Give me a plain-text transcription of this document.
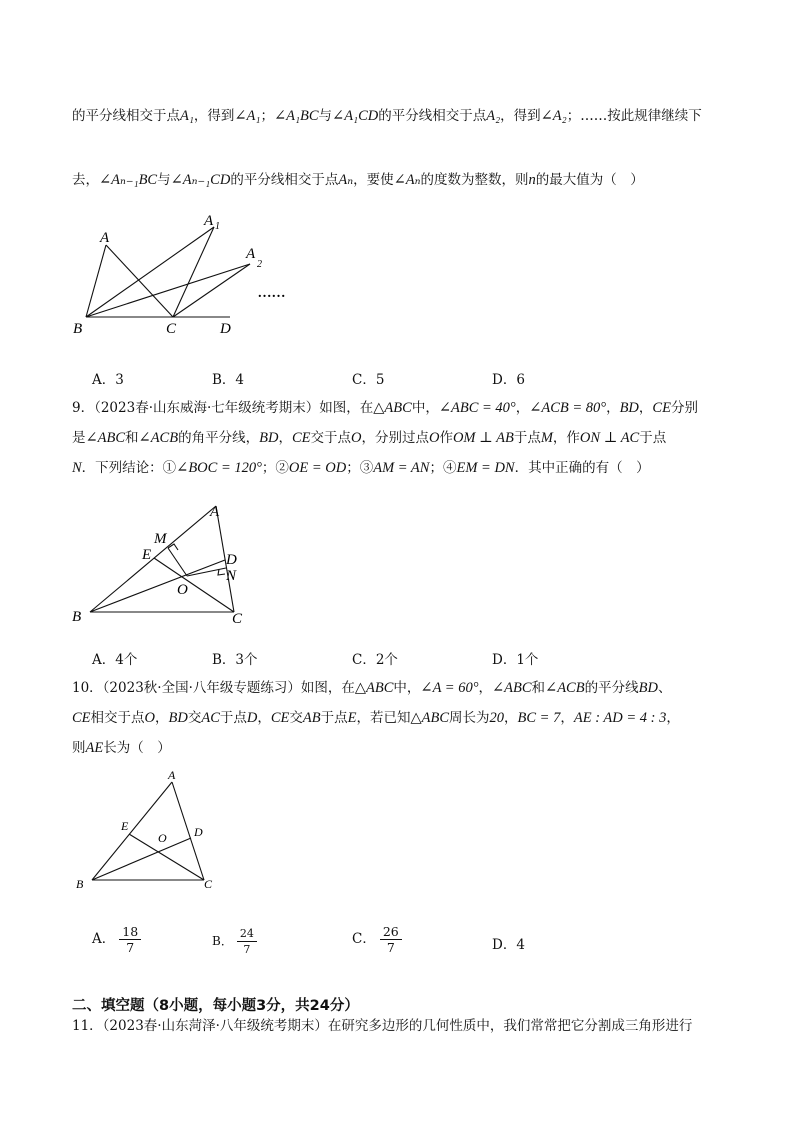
的平分线相交于点A₁，得到∠A₁；∠A₁BC与∠A₁CD的平分线相交于点A₂，得到∠A₂；……按此规律继续下
去，∠Aₙ₋₁BC与∠Aₙ₋₁CD的平分线相交于点Aₙ，要使∠Aₙ的度数为整数，则n的最大值为（　）
A
A 1
A
2
B	C	D
……
A．3	B．4	C．5	D．6
9．（2023春·山东威海·七年级统考期末）如图，在△ABC中，∠ABC = 40°，∠ACB = 80°，BD，CE分别
是∠ABC和∠ACB的角平分线，BD，CE交于点O，分别过点O作OM ⊥ AB于点M，作ON ⊥ AC于点
N．下列结论：①∠BOC = 120°；②OE = OD；③AM = AN；④EM = DN．其中正确的有（　）
A
M
E	D
N
O
B	C
A．4个	B．3个	C．2个	D．1个
10．（2023秋·全国·八年级专题练习）如图，在△ABC中，∠A = 60°，∠ABC和∠ACB的平分线BD、
CE相交于点O，BD交AC于点D，CE交AB于点E，若已知△ABC周长为20，BC = 7，AE : AD = 4 : 3，
则AE长为（　）
A
E	D
O
B	C
A． $\frac{18}{7}$	B． $\frac{24}{7}$	C． $\frac{26}{7}$	D．4
二、填空题（8小题，每小题3分，共24分）
11．（2023春·山东菏泽·八年级统考期末）在研究多边形的几何性质中，我们常常把它分割成三角形进行
